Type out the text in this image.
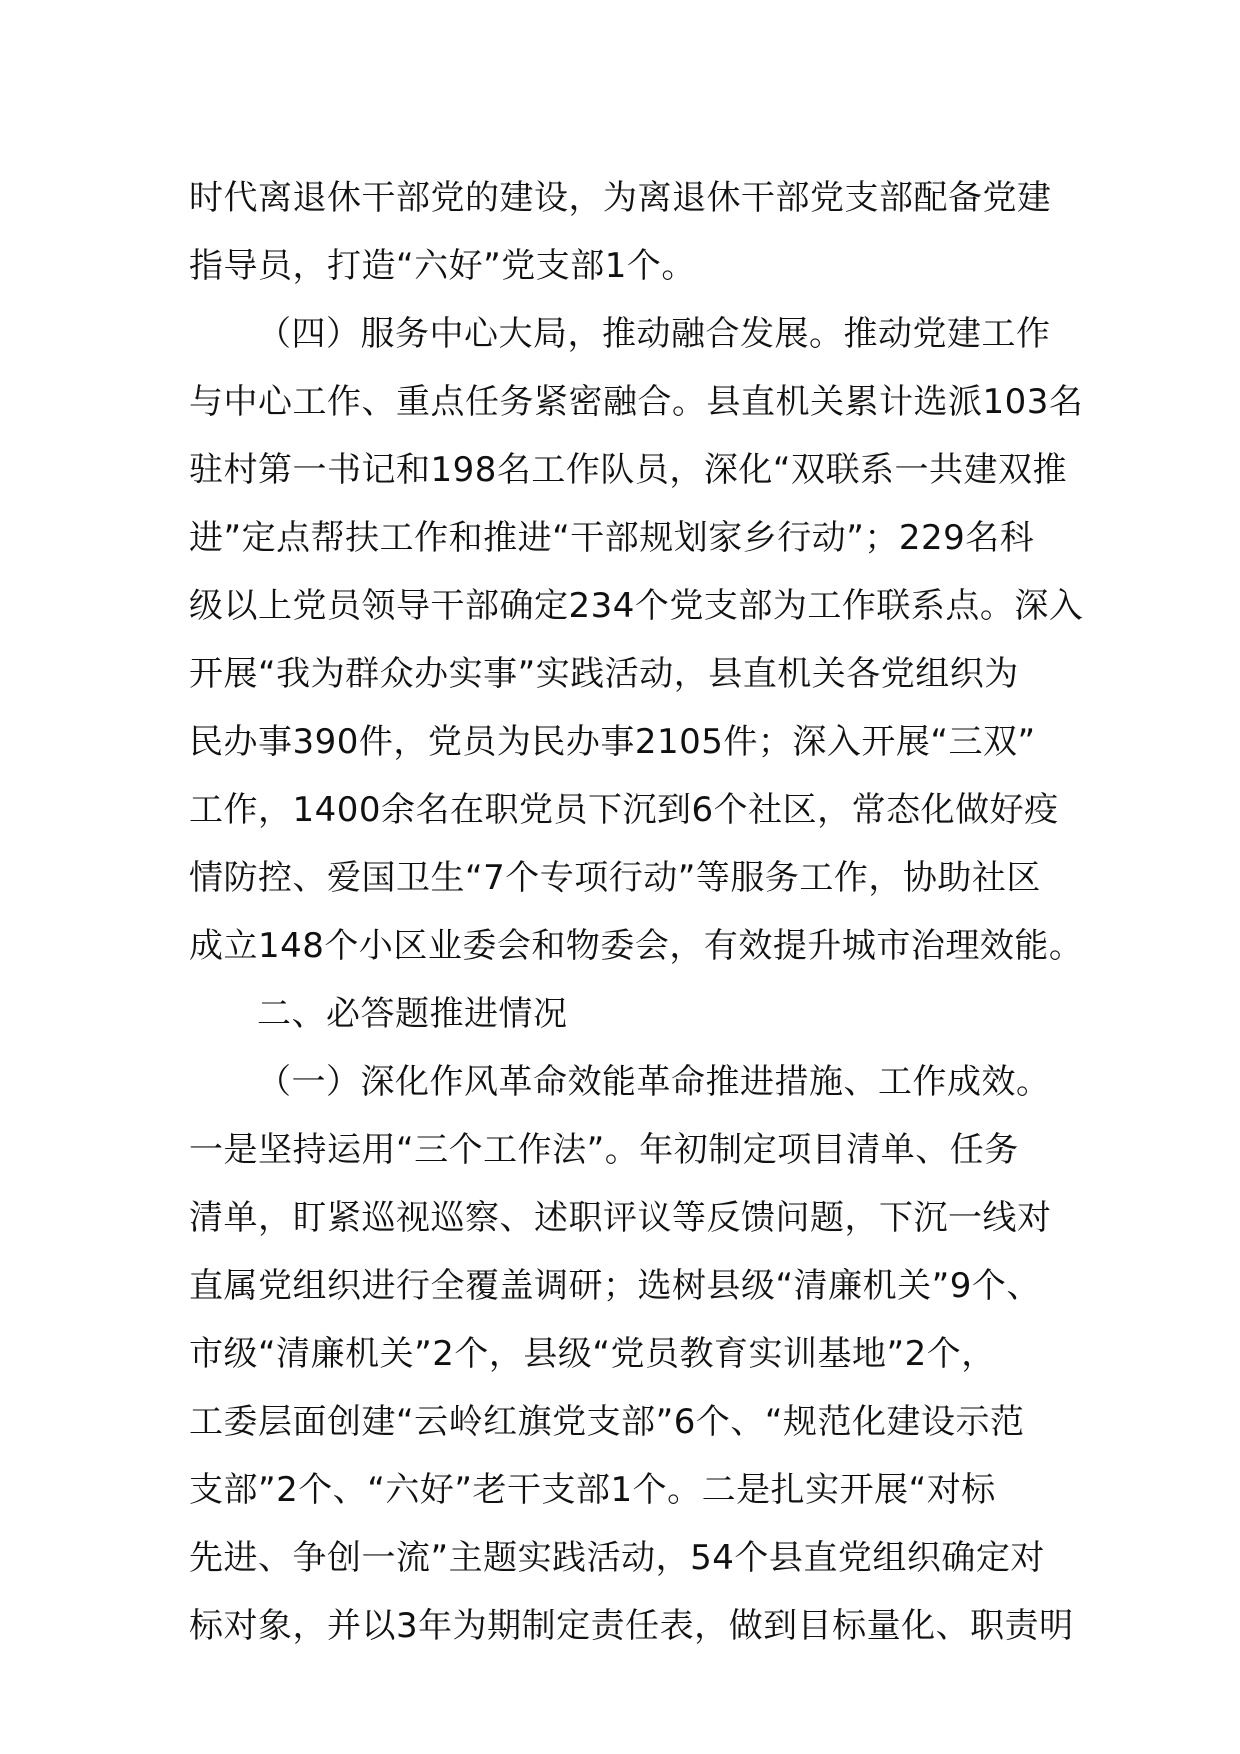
时代离退休干部党的建设，为离退休干部党支部配备党建
指导员，打造“六好”党支部1个。
（四）服务中心大局，推动融合发展。推动党建工作
与中心工作、重点任务紧密融合。县直机关累计选派103名
驻村第一书记和198名工作队员，深化“双联系一共建双推
进”定点帮扶工作和推进“干部规划家乡行动”；229名科
级以上党员领导干部确定234个党支部为工作联系点。深入
开展“我为群众办实事”实践活动，县直机关各党组织为
民办事390件，党员为民办事2105件；深入开展“三双”
工作，1400余名在职党员下沉到6个社区，常态化做好疫
情防控、爱国卫生“7个专项行动”等服务工作，协助社区
成立148个小区业委会和物委会，有效提升城市治理效能。
二、必答题推进情况
（一）深化作风革命效能革命推进措施、工作成效。
一是坚持运用“三个工作法”。年初制定项目清单、任务
清单，盯紧巡视巡察、述职评议等反馈问题，下沉一线对
直属党组织进行全覆盖调研；选树县级“清廉机关”9个、
市级“清廉机关”2个，县级“党员教育实训基地”2个，
工委层面创建“云岭红旗党支部”6个、“规范化建设示范
支部”2个、“六好”老干支部1个。二是扎实开展“对标
先进、争创一流”主题实践活动，54个县直党组织确定对
标对象，并以3年为期制定责任表，做到目标量化、职责明
